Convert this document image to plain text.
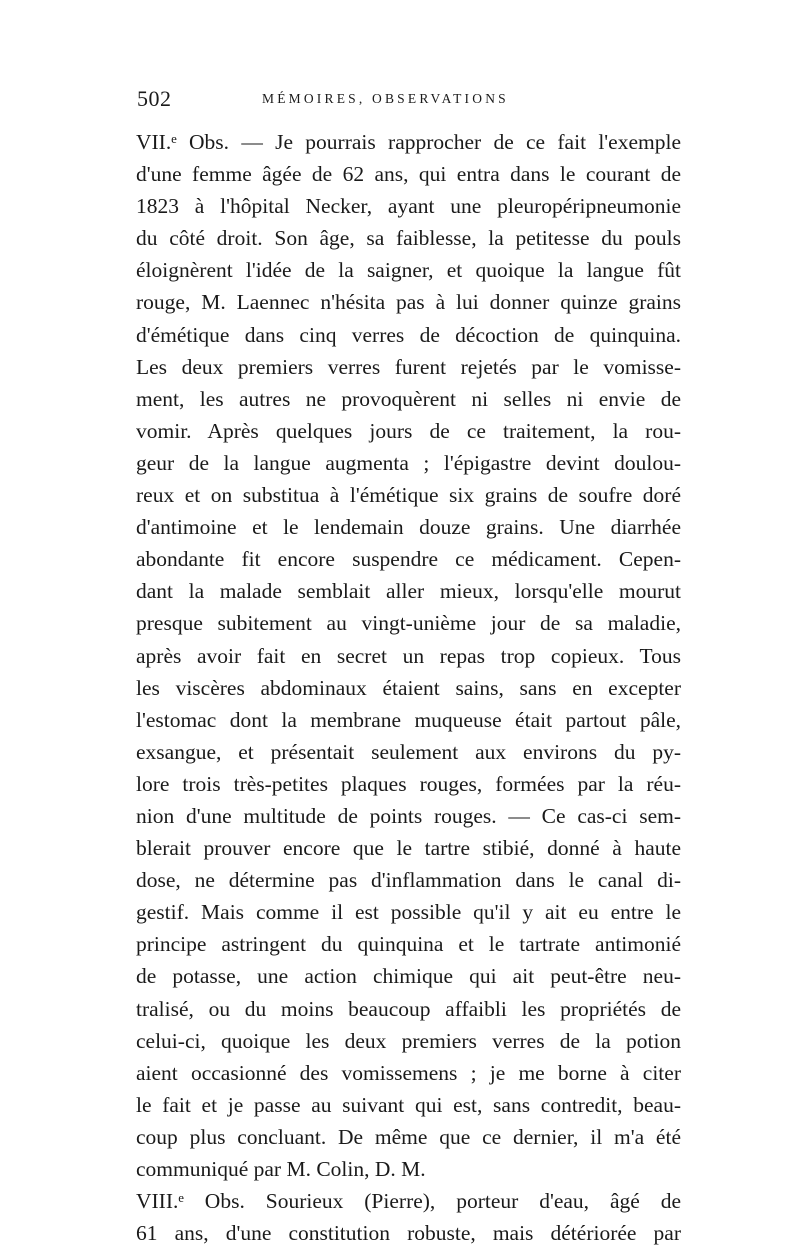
502	MÉMOIRES, OBSERVATIONS
VII.ᵉ Obs. — Je pourrais rapprocher de ce fait l'exemple
d'une femme âgée de 62 ans, qui entra dans le courant de
1823 à l'hôpital Necker, ayant une pleuropéripneumonie
du côté droit. Son âge, sa faiblesse, la petitesse du pouls
éloignèrent l'idée de la saigner, et quoique la langue fût
rouge, M. Laennec n'hésita pas à lui donner quinze grains
d'émétique dans cinq verres de décoction de quinquina.
Les deux premiers verres furent rejetés par le vomisse-
ment, les autres ne provoquèrent ni selles ni envie de
vomir. Après quelques jours de ce traitement, la rou-
geur de la langue augmenta ; l'épigastre devint doulou-
reux et on substitua à l'émétique six grains de soufre doré
d'antimoine et le lendemain douze grains. Une diarrhée
abondante fit encore suspendre ce médicament. Cepen-
dant la malade semblait aller mieux, lorsqu'elle mourut
presque subitement au vingt-unième jour de sa maladie,
après avoir fait en secret un repas trop copieux. Tous
les viscères abdominaux étaient sains, sans en excepter
l'estomac dont la membrane muqueuse était partout pâle,
exsangue, et présentait seulement aux environs du py-
lore trois très-petites plaques rouges, formées par la réu-
nion d'une multitude de points rouges. — Ce cas-ci sem-
blerait prouver encore que le tartre stibié, donné à haute
dose, ne détermine pas d'inflammation dans le canal di-
gestif. Mais comme il est possible qu'il y ait eu entre le
principe astringent du quinquina et le tartrate antimonié
de potasse, une action chimique qui ait peut-être neu-
tralisé, ou du moins beaucoup affaibli les propriétés de
celui-ci, quoique les deux premiers verres de la potion
aient occasionné des vomissemens ; je me borne à citer
le fait et je passe au suivant qui est, sans contredit, beau-
coup plus concluant. De même que ce dernier, il m'a été
communiqué par M. Colin, D. M.
VIII.ᵉ Obs. Sourieux (Pierre), porteur d'eau, âgé de
61 ans, d'une constitution robuste, mais détériorée par
